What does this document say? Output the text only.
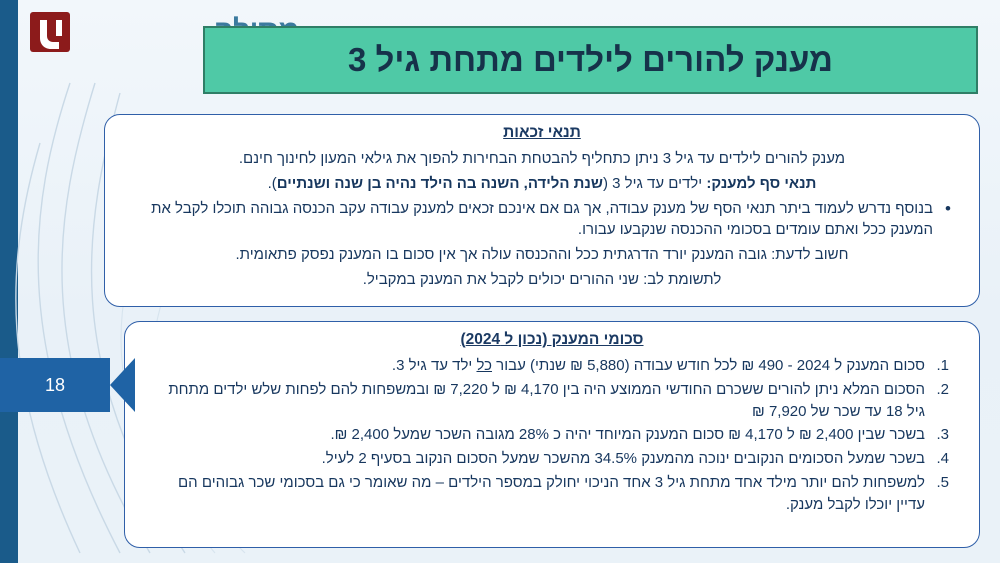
מענק להורים לילדים מתחת גיל 3
תנאי זכאות
מענק להורים לילדים עד גיל 3 ניתן כתחליף להבטחת הבחירות להפוך את גילאי המעון לחינוך חינם.
תנאי סף למענק: ילדים עד גיל 3 (שנת הלידה, השנה בה הילד נהיה בן שנה ושנתיים).
• בנוסף נדרש לעמוד ביתר תנאי הסף של מענק עבודה, אך גם אם אינכם זכאים למענק עבודה עקב הכנסה גבוהה תוכלו לקבל את המענק ככל ואתם עומדים בסכומי ההכנסה שנקבעו עבורו.
חשוב לדעת: גובה המענק יורד הדרגתית ככל וההכנסה עולה אך אין סכום בו המענק נפסק פתאומית.
לתשומת לב: שני ההורים יכולים לקבל את המענק במקביל.
סכומי המענק (נכון ל 2024)
סכום המענק ל 2024 - 490 ₪ לכל חודש עבודה (5,880 ₪ שנתי) עבור כל ילד עד גיל 3.
הסכום המלא ניתן להורים ששכרם החודשי הממוצע היה בין 4,170 ₪ ל 7,220 ₪ ובמשפחות להם לפחות שלש ילדים מתחת גיל 18 עד שכר של 7,920 ₪
בשכר שבין 2,400 ₪ ל 4,170 ₪ סכום המענק המיוחד יהיה כ 28% מגובה השכר שמעל 2,400 ₪.
בשכר שמעל הסכומים הנקובים ינוכה מהמענק 34.5% מהשכר שמעל הסכום הנקוב בסעיף 2 לעיל.
למשפחות להם יותר מילד אחד מתחת גיל 3 אחד הניכוי יחולק במספר הילדים – מה שאומר כי גם בסכומי שכר גבוהים הם עדיין יוכלו לקבל מענק.
18
